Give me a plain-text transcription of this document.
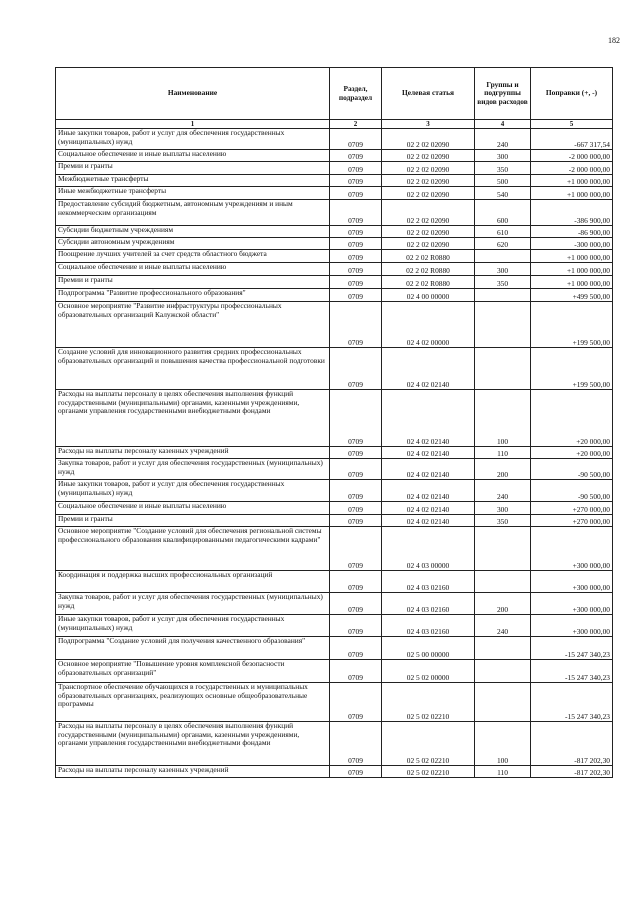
182
Наименование	Раздел, подраздел	Целевая статья	Группы и подгруппы видов расходов	Поправки (+, -)
1	2	3	4	5
Иные закупки товаров, работ и услуг для обеспечения государственных (муниципальных) нужд	0709	02 2 02 02090	240	-667 317,54
Социальное обеспечение и иные выплаты населению	0709	02 2 02 02090	300	-2 000 000,00
Премии и гранты	0709	02 2 02 02090	350	-2 000 000,00
Межбюджетные трансферты	0709	02 2 02 02090	500	+1 000 000,00
Иные межбюджетные трансферты	0709	02 2 02 02090	540	+1 000 000,00
Предоставление субсидий бюджетным, автономным учреждениям и иным некоммерческим организациям	0709	02 2 02 02090	600	-386 900,00
Субсидии бюджетным учреждениям	0709	02 2 02 02090	610	-86 900,00
Субсидии автономным учреждениям	0709	02 2 02 02090	620	-300 000,00
Поощрение лучших учителей за счет средств областного бюджета	0709	02 2 02 R0880		+1 000 000,00
Социальное обеспечение и иные выплаты населению	0709	02 2 02 R0880	300	+1 000 000,00
Премии и гранты	0709	02 2 02 R0880	350	+1 000 000,00
Подпрограмма "Развитие профессионального образования"	0709	02 4 00 00000		+499 500,00
Основное мероприятие "Развитие инфраструктуры профессиональных образовательных организаций Калужской области"	0709	02 4 02 00000		+199 500,00
Создание условий для инновационного развития средних профессиональных образовательных организаций и повышения качества профессиональной подготовки	0709	02 4 02 02140		+199 500,00
Расходы на выплаты персоналу в целях обеспечения выполнения функций государственными (муниципальными) органами, казенными учреждениями, органами управления государственными внебюджетными фондами	0709	02 4 02 02140	100	+20 000,00
Расходы на выплаты персоналу казенных учреждений	0709	02 4 02 02140	110	+20 000,00
Закупка товаров, работ и услуг для обеспечения государственных (муниципальных) нужд	0709	02 4 02 02140	200	-90 500,00
Иные закупки товаров, работ и услуг для обеспечения государственных (муниципальных) нужд	0709	02 4 02 02140	240	-90 500,00
Социальное обеспечение и иные выплаты населению	0709	02 4 02 02140	300	+270 000,00
Премии и гранты	0709	02 4 02 02140	350	+270 000,00
Основное мероприятие "Создание условий для обеспечения региональной системы профессионального образования квалифицированными педагогическими кадрами"	0709	02 4 03 00000		+300 000,00
Координация и поддержка высших профессиональных организаций	0709	02 4 03 02160		+300 000,00
Закупка товаров, работ и услуг для обеспечения государственных (муниципальных) нужд	0709	02 4 03 02160	200	+300 000,00
Иные закупки товаров, работ и услуг для обеспечения государственных (муниципальных) нужд	0709	02 4 03 02160	240	+300 000,00
Подпрограмма "Создание условий для получения качественного образования"	0709	02 5 00 00000		-15 247 340,23
Основное мероприятие "Повышение уровня комплексной безопасности образовательных организаций"	0709	02 5 02 00000		-15 247 340,23
Транспортное обеспечение обучающихся в государственных и муниципальных образовательных организациях, реализующих основные общеобразовательные программы	0709	02 5 02 02210		-15 247 340,23
Расходы на выплаты персоналу в целях обеспечения выполнения функций государственными (муниципальными) органами, казенными учреждениями, органами управления государственными внебюджетными фондами	0709	02 5 02 02210	100	-817 202,30
Расходы на выплаты персоналу казенных учреждений	0709	02 5 02 02210	110	-817 202,30
